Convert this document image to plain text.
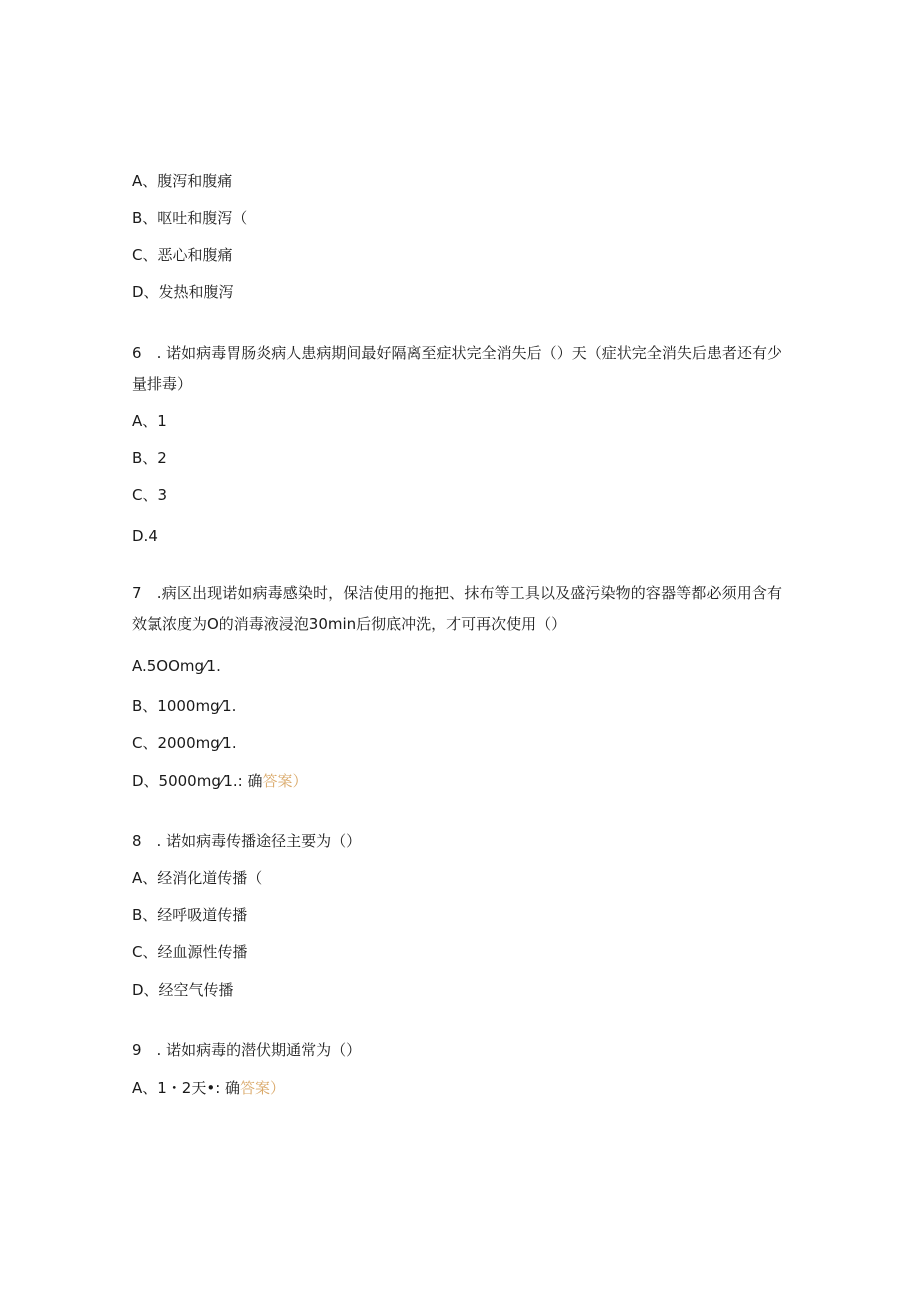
A、腹泻和腹痛
B、呕吐和腹泻（
C、恶心和腹痛
D、发热和腹泻
6　. 诺如病毒胃肠炎病人患病期间最好隔离至症状完全消失后（）天（症状完全消失后患者还有少量排毒）
A、1
B、2
C、3
D.4
7　.病区出现诺如病毒感染时，保洁使用的拖把、抹布等工具以及盛污染物的容器等都必须用含有效氯浓度为O的消毒液浸泡30min后彻底冲洗，才可再次使用（）
A.5OOmg⁄1.
B、1000mg⁄1.
C、2000mg⁄1.
D、5000mg⁄1.: 确答案）
8　. 诺如病毒传播途径主要为（）
A、经消化道传播（
B、经呼吸道传播
C、经血源性传播
D、经空气传播
9　. 诺如病毒的潜伏期通常为（）
A、1・2天•: 确答案）
